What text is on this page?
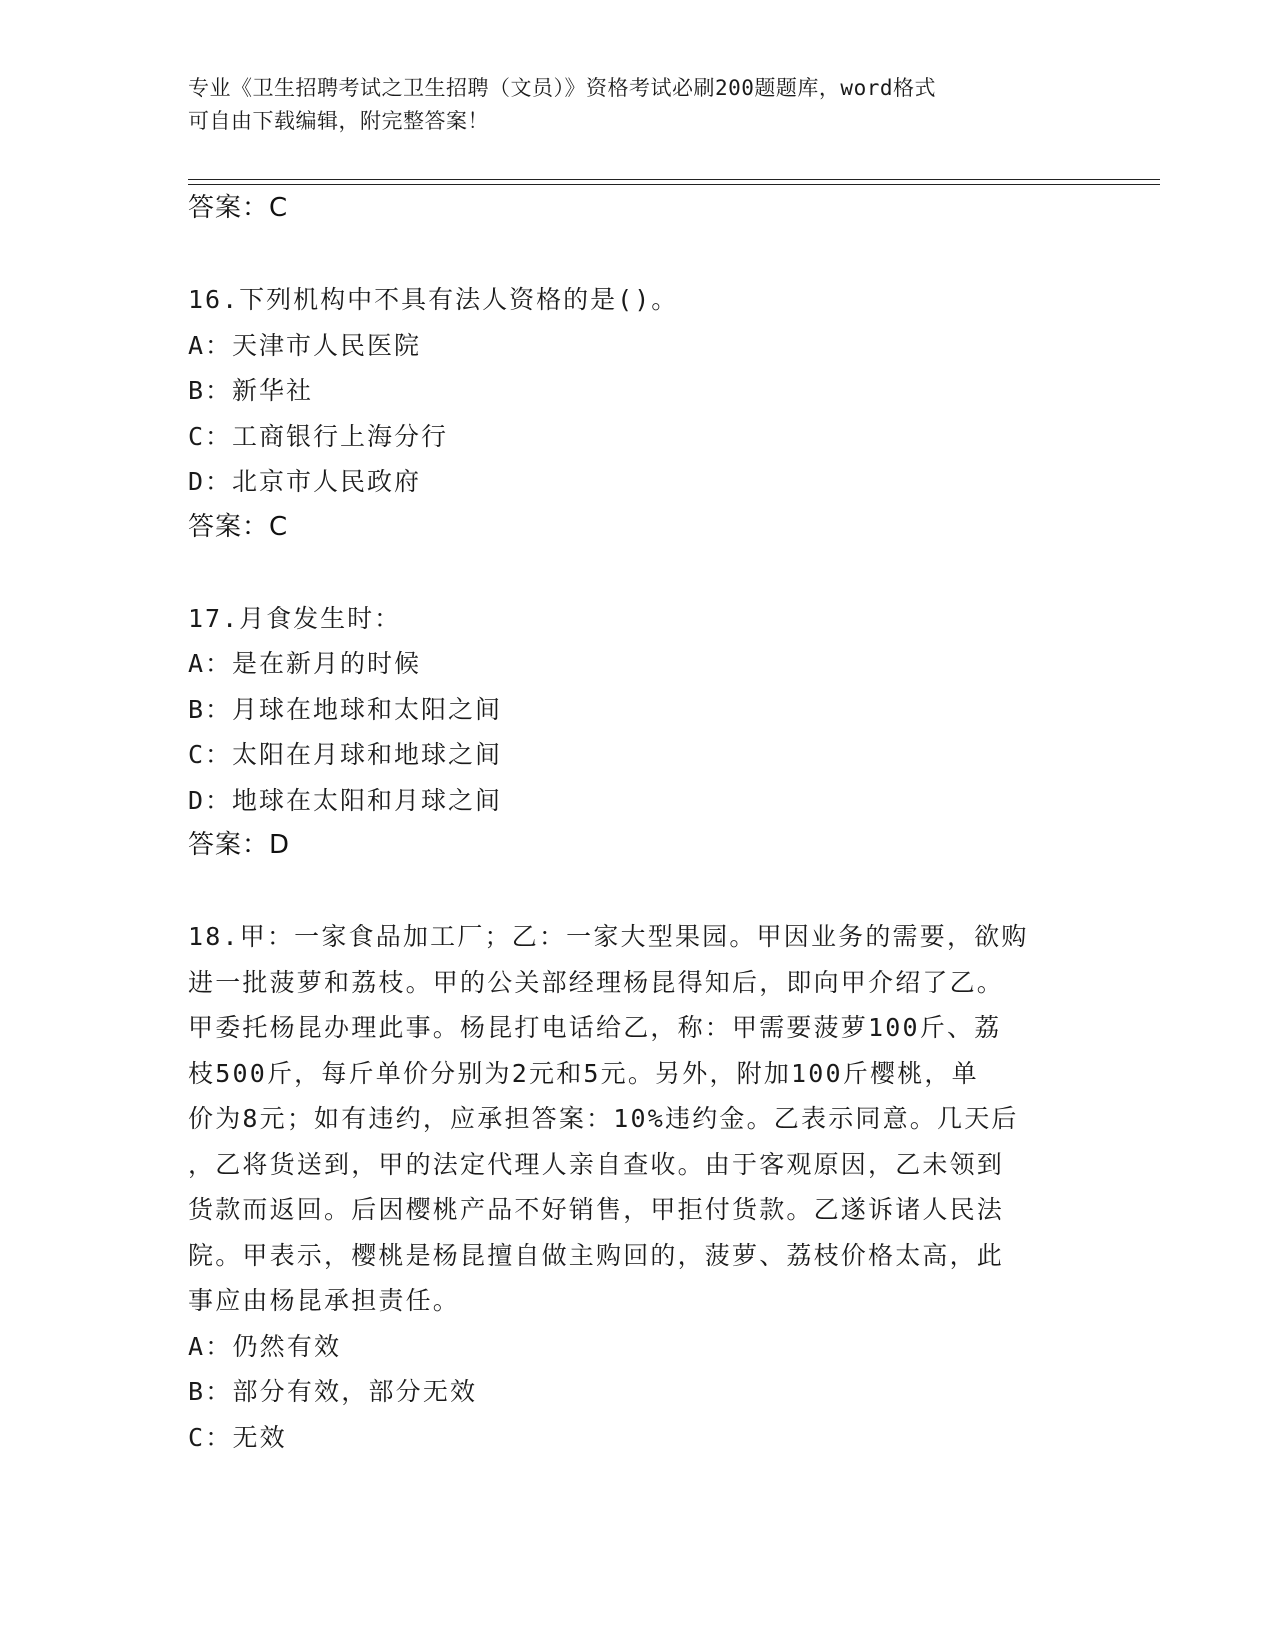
专业《卫生招聘考试之卫生招聘（文员）》资格考试必刷200题题库，word格式
可自由下载编辑，附完整答案！
答案：C
16.下列机构中不具有法人资格的是()。
A：天津市人民医院
B：新华社
C：工商银行上海分行
D：北京市人民政府
答案：C
17.月食发生时：
A：是在新月的时候
B：月球在地球和太阳之间
C：太阳在月球和地球之间
D：地球在太阳和月球之间
答案：D
18.甲：一家食品加工厂；乙：一家大型果园。甲因业务的需要，欲购
进一批菠萝和荔枝。甲的公关部经理杨昆得知后，即向甲介绍了乙。
甲委托杨昆办理此事。杨昆打电话给乙，称：甲需要菠萝100斤、荔
枝500斤，每斤单价分别为2元和5元。另外，附加100斤樱桃，单
价为8元；如有违约，应承担答案：10%违约金。乙表示同意。几天后
，乙将货送到，甲的法定代理人亲自查收。由于客观原因，乙未领到
货款而返回。后因樱桃产品不好销售，甲拒付货款。乙遂诉诸人民法
院。甲表示，樱桃是杨昆擅自做主购回的，菠萝、荔枝价格太高，此
事应由杨昆承担责任。
A：仍然有效
B：部分有效，部分无效
C：无效
